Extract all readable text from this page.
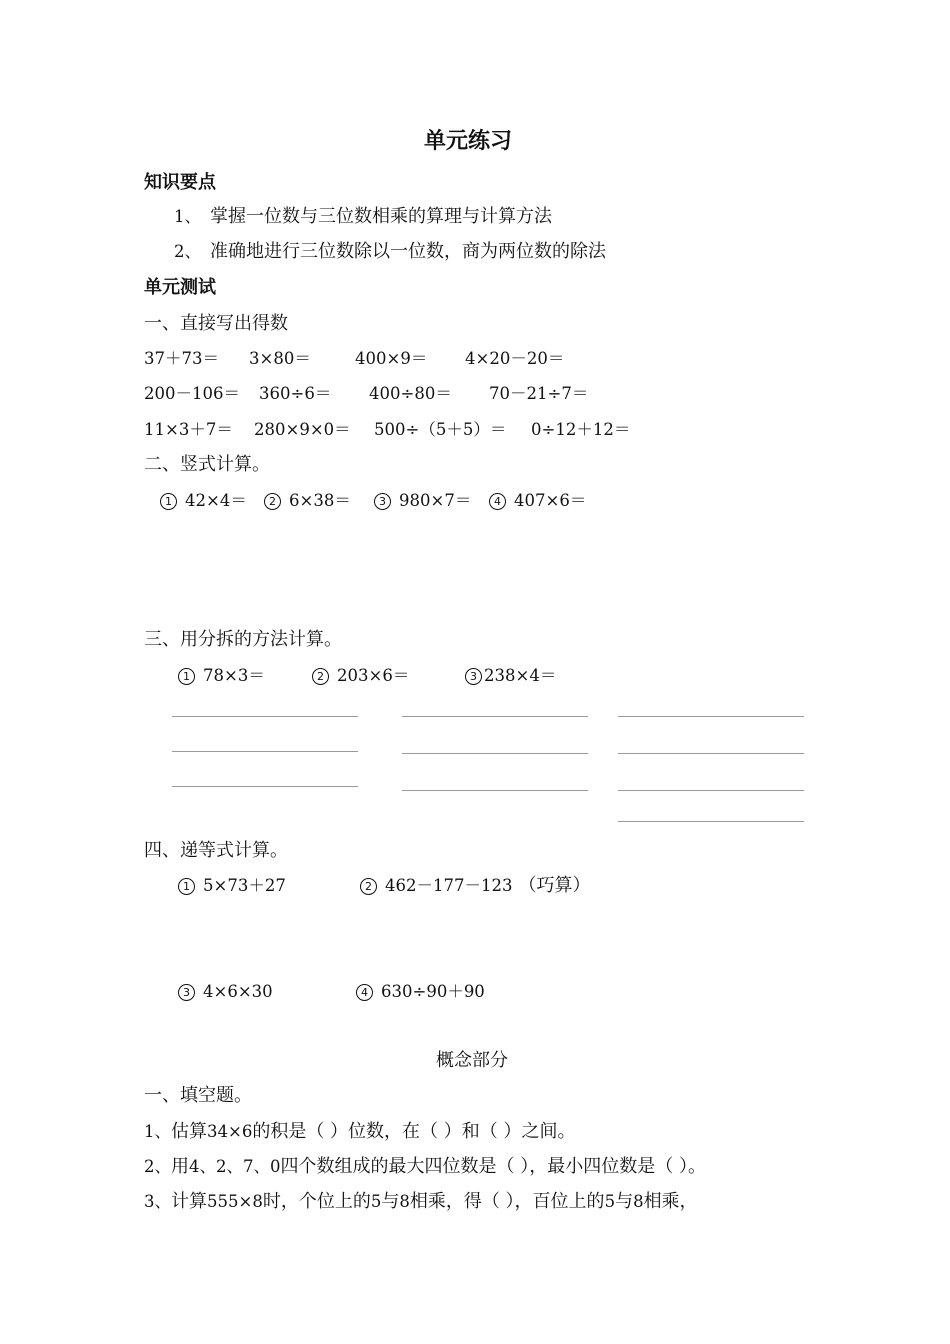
单元练习
知识要点
1、 掌握一位数与三位数相乘的算理与计算方法
2、 准确地进行三位数除以一位数，商为两位数的除法
单元测试
一、直接写出得数
37＋73＝ 3×80＝	400×9＝ 4×20－20＝
200－106＝ 360÷6＝ 400÷80＝ 70－21÷7＝
11×3＋7＝ 280×9×0＝ 500÷（5＋5）＝ 0÷12＋12＝
二、竖式计算。
1 42×4＝	2 6×38＝	3 980×7＝	4 407×6＝
三、用分拆的方法计算。
1 78×3＝	2 203×6＝	3 238×4＝
四、递等式计算。
1 5×73＋27	2 462－177－123 （巧算）
3 4×6×30	4 630÷90＋90
概念部分
一、填空题。
1、估算34×6的积是（ ）位数，在（ ）和（ ）之间。
2、用4、2、7、0四个数组成的最大四位数是（ ），最小四位数是（ ）。
3、计算555×8时，个位上的5与8相乘，得（ ），百位上的5与8相乘，
